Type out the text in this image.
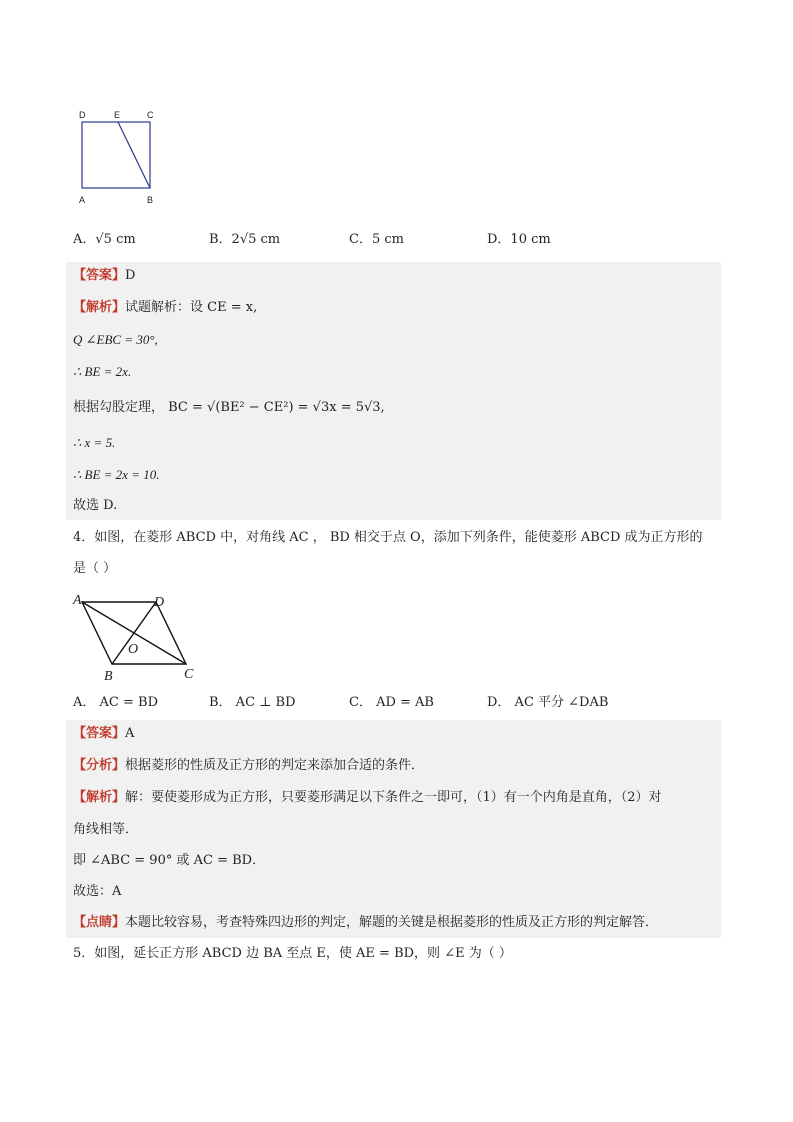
D	E	C
A	B
A．√5 cm	B．2√5 cm	C．5 cm	D．10 cm
【答案】D
【解析】试题解析：设 CE = x,
Q ∠EBC = 30°,
∴ BE = 2x.
根据勾股定理， BC = √(BE² − CE²) = √3x = 5√3,
∴ x = 5.
∴ BE = 2x = 10.
故选 D.
4．如图，在菱形 ABCD 中，对角线 AC ， BD 相交于点 O，添加下列条件，能使菱形 ABCD 成为正方形的
是（ ）
A	D
O
B	C
A． AC = BD	B． AC ⊥ BD	C． AD = AB	D． AC 平分 ∠DAB
【答案】A
【分析】根据菱形的性质及正方形的判定来添加合适的条件．
【解析】解：要使菱形成为正方形，只要菱形满足以下条件之一即可，（1）有一个内角是直角，（2）对
角线相等．
即 ∠ABC = 90° 或 AC = BD．
故选：A
【点睛】本题比较容易，考查特殊四边形的判定，解题的关键是根据菱形的性质及正方形的判定解答．
5．如图，延长正方形 ABCD 边 BA 至点 E，使 AE = BD，则 ∠E 为（ ）
